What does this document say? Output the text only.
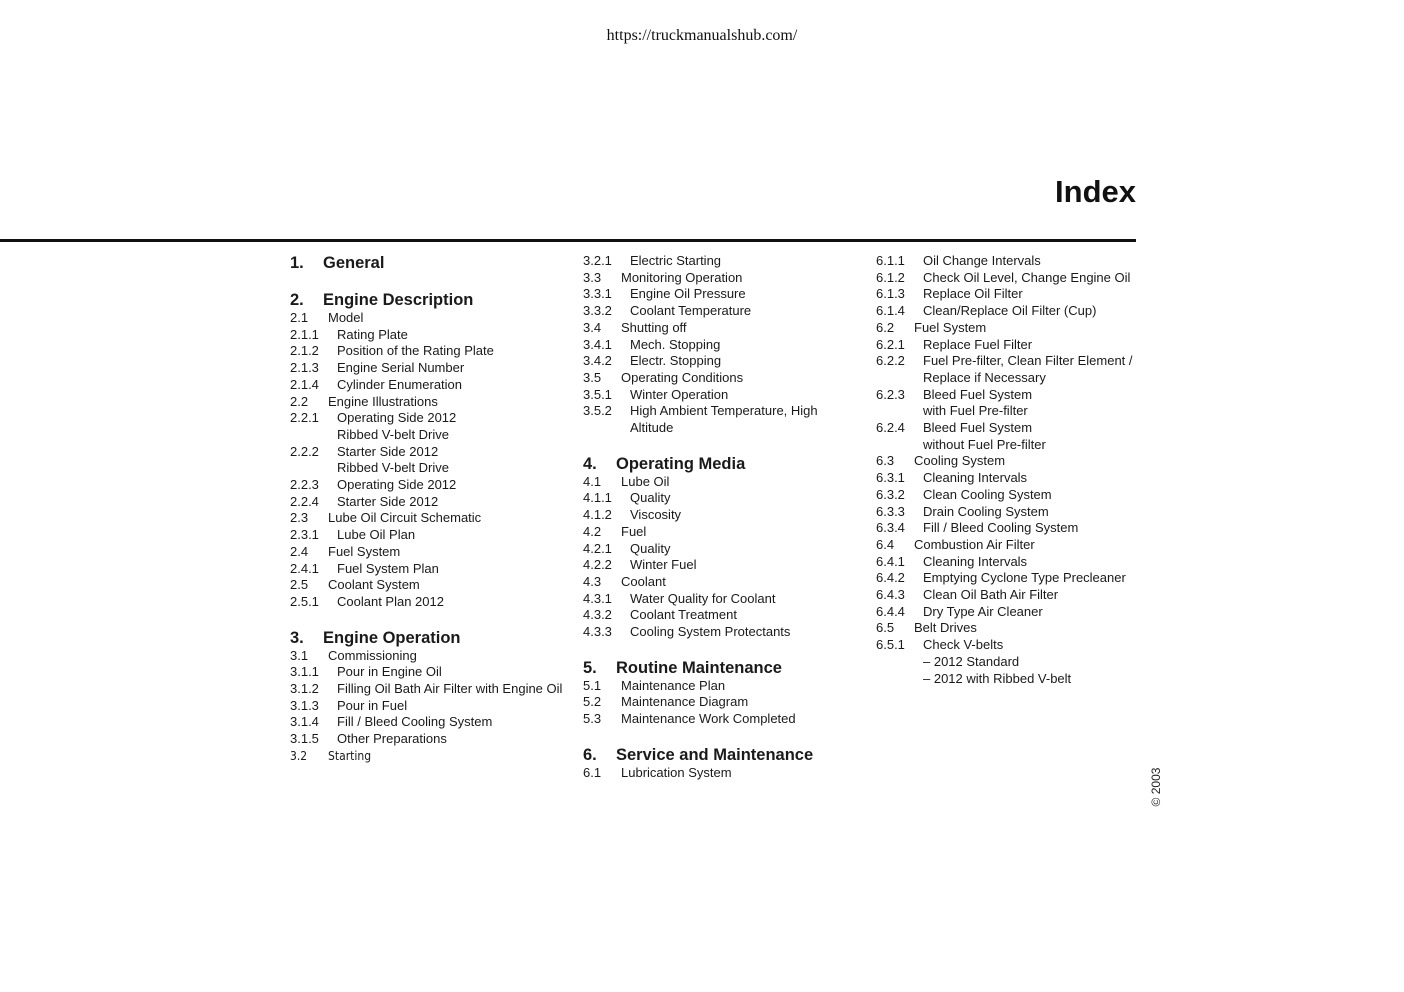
https://truckmanualshub.com/
Index
1.	General
2.	Engine Description
2.1	Model
2.1.1	Rating Plate
2.1.2	Position of the Rating Plate
2.1.3	Engine Serial Number
2.1.4	Cylinder Enumeration
2.2	Engine Illustrations
2.2.1	Operating Side 2012
Ribbed V-belt Drive
2.2.2	Starter Side 2012
Ribbed V-belt Drive
2.2.3	Operating Side 2012
2.2.4	Starter Side 2012
2.3	Lube Oil Circuit Schematic
2.3.1	Lube Oil Plan
2.4	Fuel System
2.4.1	Fuel System Plan
2.5	Coolant System
2.5.1	Coolant Plan 2012
3.	Engine Operation
3.1	Commissioning
3.1.1	Pour in Engine Oil
3.1.2	Filling Oil Bath Air Filter with Engine Oil
3.1.3	Pour in Fuel
3.1.4	Fill / Bleed Cooling System
3.1.5	Other Preparations
3.2	Starting
3.2.1	Electric Starting
3.3	Monitoring Operation
3.3.1	Engine Oil Pressure
3.3.2	Coolant Temperature
3.4	Shutting off
3.4.1	Mech. Stopping
3.4.2	Electr. Stopping
3.5	Operating Conditions
3.5.1	Winter Operation
3.5.2	High Ambient Temperature, High Altitude
4.	Operating Media
4.1	Lube Oil
4.1.1	Quality
4.1.2	Viscosity
4.2	Fuel
4.2.1	Quality
4.2.2	Winter Fuel
4.3	Coolant
4.3.1	Water Quality for Coolant
4.3.2	Coolant Treatment
4.3.3	Cooling System Protectants
5.	Routine Maintenance
5.1	Maintenance Plan
5.2	Maintenance Diagram
5.3	Maintenance Work Completed
6.	Service and Maintenance
6.1	Lubrication System
6.1.1	Oil Change Intervals
6.1.2	Check Oil Level, Change Engine Oil
6.1.3	Replace Oil Filter
6.1.4	Clean/Replace Oil Filter (Cup)
6.2	Fuel System
6.2.1	Replace Fuel Filter
6.2.2	Fuel Pre-filter, Clean Filter Element / Replace if Necessary
6.2.3	Bleed Fuel System
with Fuel Pre-filter
6.2.4	Bleed Fuel System
without Fuel Pre-filter
6.3	Cooling System
6.3.1	Cleaning Intervals
6.3.2	Clean Cooling System
6.3.3	Drain Cooling System
6.3.4	Fill / Bleed Cooling System
6.4	Combustion Air Filter
6.4.1	Cleaning Intervals
6.4.2	Emptying Cyclone Type Precleaner
6.4.3	Clean Oil Bath Air Filter
6.4.4	Dry Type Air Cleaner
6.5	Belt Drives
6.5.1	Check V-belts
– 2012 Standard
– 2012 with Ribbed V-belt
© 2003
